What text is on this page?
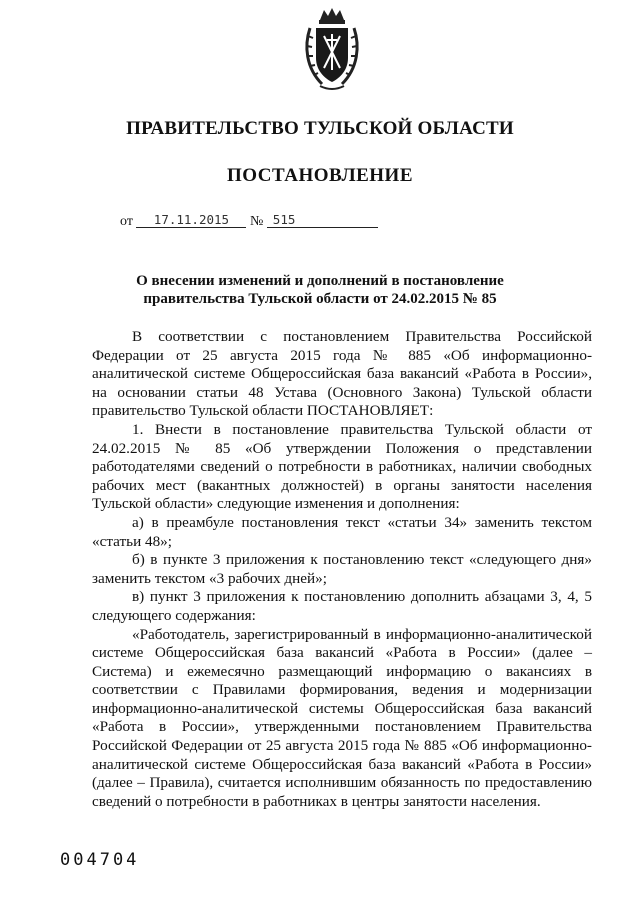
ПРАВИТЕЛЬСТВО ТУЛЬСКОЙ ОБЛАСТИ
ПОСТАНОВЛЕНИЕ
от 17.11.2015 № 515
О внесении изменений и дополнений в постановление
правительства Тульской области от 24.02.2015 № 85

В соответствии с постановлением Правительства Российской Федерации от 25 августа 2015 года № 885 «Об информационно-аналитической системе Общероссийская база вакансий «Работа в России», на основании статьи 48 Устава (Основного Закона) Тульской области правительство Тульской области ПОСТАНОВЛЯЕТ:

1. Внести в постановление правительства Тульской области от 24.02.2015 № 85 «Об утверждении Положения о представлении работодателями сведений о потребности в работниках, наличии свободных рабочих мест (вакантных должностей) в органы занятости населения Тульской области» следующие изменения и дополнения:

а) в преамбуле постановления текст «статьи 34» заменить текстом «статьи 48»;

б) в пункте 3 приложения к постановлению текст «следующего дня» заменить текстом «3 рабочих дней»;

в) пункт 3 приложения к постановлению дополнить абзацами 3, 4, 5 следующего содержания:

«Работодатель, зарегистрированный в информационно-аналитической системе Общероссийская база вакансий «Работа в России» (далее – Система) и ежемесячно размещающий информацию о вакансиях в соответствии с Правилами формирования, ведения и модернизации информационно-аналитической системы Общероссийская база вакансий «Работа в России», утвержденными постановлением Правительства Российской Федерации от 25 августа 2015 года № 885 «Об информационно-аналитической системе Общероссийская база вакансий «Работа в России» (далее – Правила), считается исполнившим обязанность по предоставлению сведений о потребности в работниках в центры занятости населения.

004704
